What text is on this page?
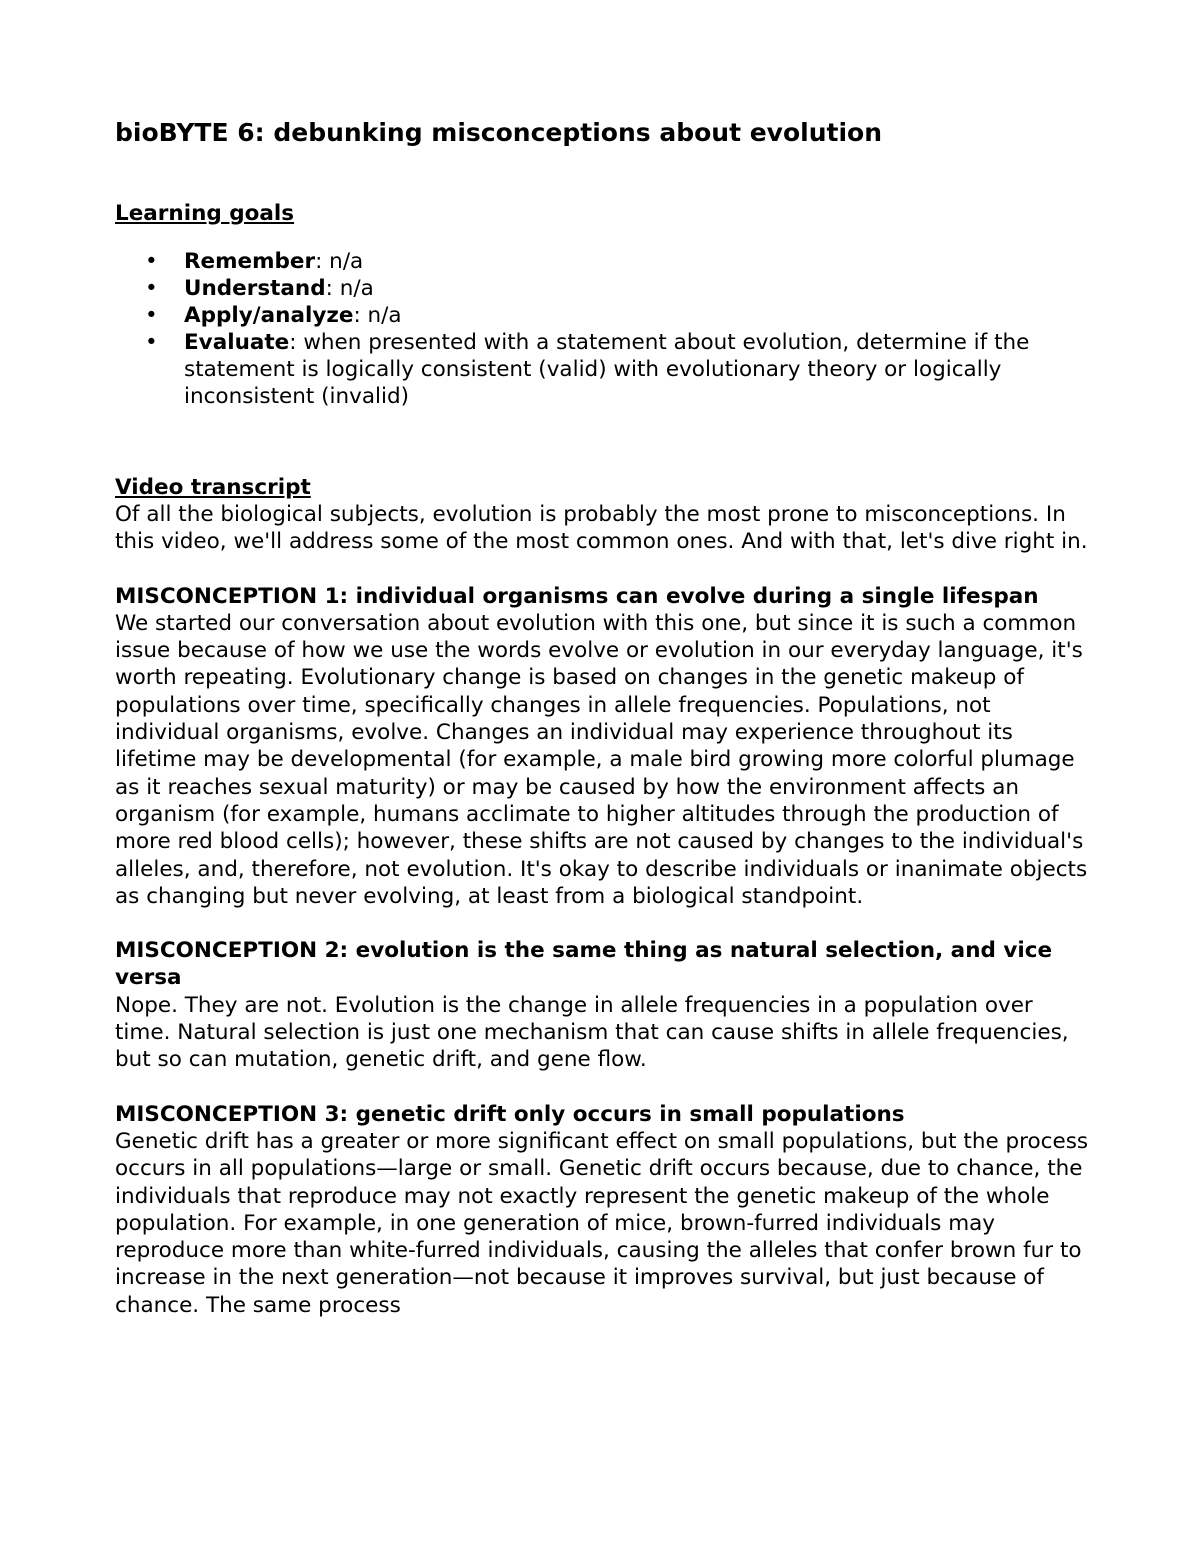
bioBYTE 6: debunking misconceptions about evolution
Learning goals
• Remember: n/a
• Understand: n/a
• Apply/analyze: n/a
• Evaluate: when presented with a statement about evolution, determine if the statement is logically consistent (valid) with evolutionary theory or logically inconsistent (invalid)
Video transcript

Of all the biological subjects, evolution is probably the most prone to misconceptions. In this video, we'll address some of the most common ones. And with that, let's dive right in.

MISCONCEPTION 1: individual organisms can evolve during a single lifespan

We started our conversation about evolution with this one, but since it is such a common issue because of how we use the words evolve or evolution in our everyday language, it's worth repeating. Evolutionary change is based on changes in the genetic makeup of populations over time, specifically changes in allele frequencies. Populations, not individual organisms, evolve. Changes an individual may experience throughout its lifetime may be developmental (for example, a male bird growing more colorful plumage as it reaches sexual maturity) or may be caused by how the environment affects an organism (for example, humans acclimate to higher altitudes through the production of more red blood cells); however, these shifts are not caused by changes to the individual's alleles, and, therefore, not evolution. It's okay to describe individuals or inanimate objects as changing but never evolving, at least from a biological standpoint.

MISCONCEPTION 2: evolution is the same thing as natural selection, and vice versa

Nope. They are not. Evolution is the change in allele frequencies in a population over time. Natural selection is just one mechanism that can cause shifts in allele frequencies, but so can mutation, genetic drift, and gene flow.

MISCONCEPTION 3: genetic drift only occurs in small populations

Genetic drift has a greater or more significant effect on small populations, but the process occurs in all populations—large or small. Genetic drift occurs because, due to chance, the individuals that reproduce may not exactly represent the genetic makeup of the whole population. For example, in one generation of mice, brown-furred individuals may reproduce more than white-furred individuals, causing the alleles that confer brown fur to increase in the next generation—not because it improves survival, but just because of chance. The same process
